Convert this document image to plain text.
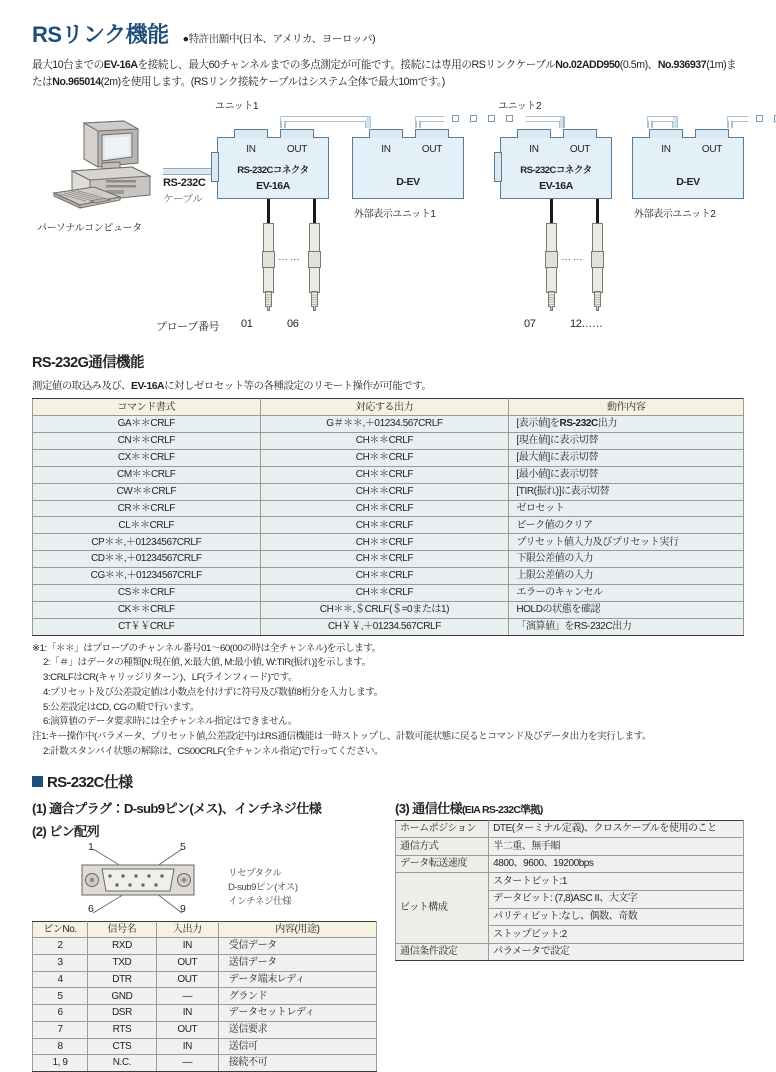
RSリンク機能 ●特許出願中(日本、アメリカ、ヨーロッパ)
最大10台までのEV-16Aを接続し、最大60チャンネルまでの多点測定が可能です。接続には専用のRSリンクケーブルNo.02ADD950(0.5m)、No.936937(1m)ま
たはNo.965014(2m)を使用します。(RSリンク接続ケーブルはシステム全体で最大10mです。)
ユニット1	ユニット2
パーソナルコンピュータ
RS-232C
ケーブル
IN	OUT
RS-232Cコネクタ
EV-16A
IN	OUT
D-EV
外部表示ユニット1
IN	OUT
RS-232Cコネクタ
EV-16A
IN	OUT
D-EV
外部表示ユニット2
……	……
プローブ番号 01	06	07	12……
RS-232G通信機能
測定値の取込み及び、EV-16Aに対しゼロセット等の各種設定のリモート操作が可能です。
コマンド書式	対応する出力	動作内容
GA＊＊CRLF	G＃＊＊,＋01234.567CRLF	[表示値]をRS-232C出力
CN＊＊CRLF	CH＊＊CRLF	[現在値]に表示切替
CX＊＊CRLF	CH＊＊CRLF	[最大値]に表示切替
CM＊＊CRLF	CH＊＊CRLF	[最小値]に表示切替
CW＊＊CRLF	CH＊＊CRLF	[TIR(振れ)]に表示切替
CR＊＊CRLF	CH＊＊CRLF	ゼロセット
CL＊＊CRLF	CH＊＊CRLF	ピーク値のクリア
CP＊＊,＋01234567CRLF	CH＊＊CRLF	プリセット値入力及びプリセット実行
CD＊＊,＋01234567CRLF	CH＊＊CRLF	下限公差値の入力
CG＊＊,＋01234567CRLF	CH＊＊CRLF	上限公差値の入力
CS＊＊CRLF	CH＊＊CRLF	エラーのキャンセル
CK＊＊CRLF	CH＊＊,＄CRLF(＄=0または1)	HOLDの状態を確認
CT￥￥CRLF	CH￥￥,＋01234.567CRLF	「演算値」をRS-232C出力
※1:「＊＊」はプローブのチャンネル番号01〜60(00の時は全チャンネル)を示します。
2:「＃」はデータの種類[N:現在値, X:最大値, M:最小値, W:TIR(振れ)]を示します。
3:CRLFはCR(キャリッジリターン)、LF(ラインフィード)です。
4:プリセット及び公差設定値は小数点を付けずに符号及び数値8桁分を入力します。
5:公差設定はCD, CGの順で行います。
6:演算値のデータ要求時には全チャンネル指定はできません。
注1:キー操作中(パラメータ、プリセット値,公差設定中)はRS通信機能は一時ストップし、計数可能状態に戻るとコマンド及びデータ出力を実行します。
2:計数スタンバイ状態の解除は、CS00CRLF(全チャンネル指定)で行ってください。
RS-232C仕様
(1) 適合プラグ：D-sub9ピン(メス)、インチネジ仕様
(2) ピン配列
1	5
6	9
リセプタクル
D-sub9ピン(オス)
インチネジ仕様
ピンNo.	信号名	入出力	内容(用途)
2	RXD	IN	受信データ
3	TXD	OUT	送信データ
4	DTR	OUT	データ端末レディ
5	GND	—	グランド
6	DSR	IN	データセットレディ
7	RTS	OUT	送信要求
8	CTS	IN	送信可
1, 9	N.C.	—	接続不可
(3) 通信仕様(EIA RS-232C準拠)
ホームポジション	DTE(ターミナル定義)、クロスケーブルを使用のこと
通信方式	半二重、無手順
データ転送速度	4800、9600、19200bps
ビット構成	スタートビット:1
	データビット: (7,8)ASC II、大文字
	パリティビット:なし、偶数、奇数
	ストップビット:2
通信条件設定	パラメータで設定
